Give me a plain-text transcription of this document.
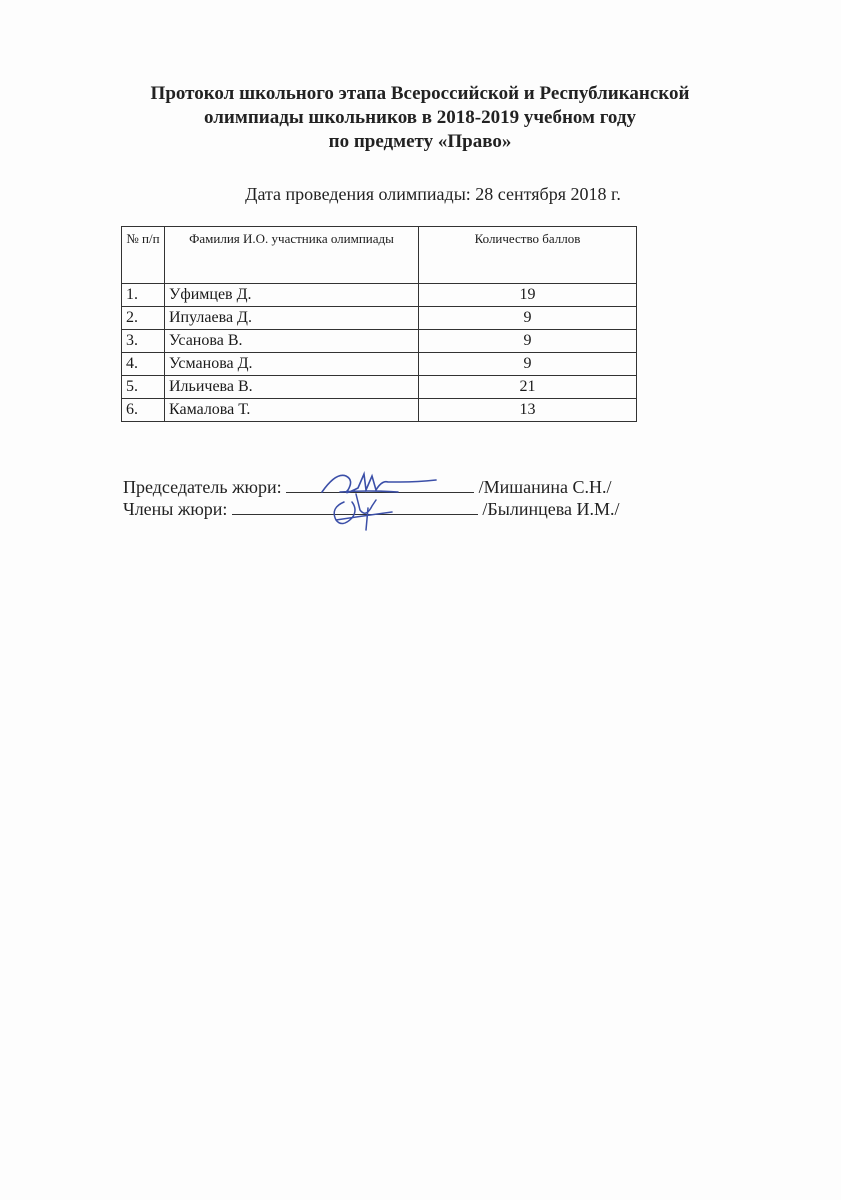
Протокол школьного этапа Всероссийской и Республиканской
олимпиады школьников в 2018-2019 учебном году
по предмету «Право»
Дата проведения олимпиады: 28 сентября 2018 г.
№ п/п	Фамилия И.О. участника олимпиады	Количество баллов
1.	Уфимцев Д.	19
2.	Ипулаева Д.	9
3.	Усанова В.	9
4.	Усманова Д.	9
5.	Ильичева В.	21
6.	Камалова Т.	13
Председатель жюри:	/Мишанина С.Н./
Члены жюри:	/Былинцева И.М./
